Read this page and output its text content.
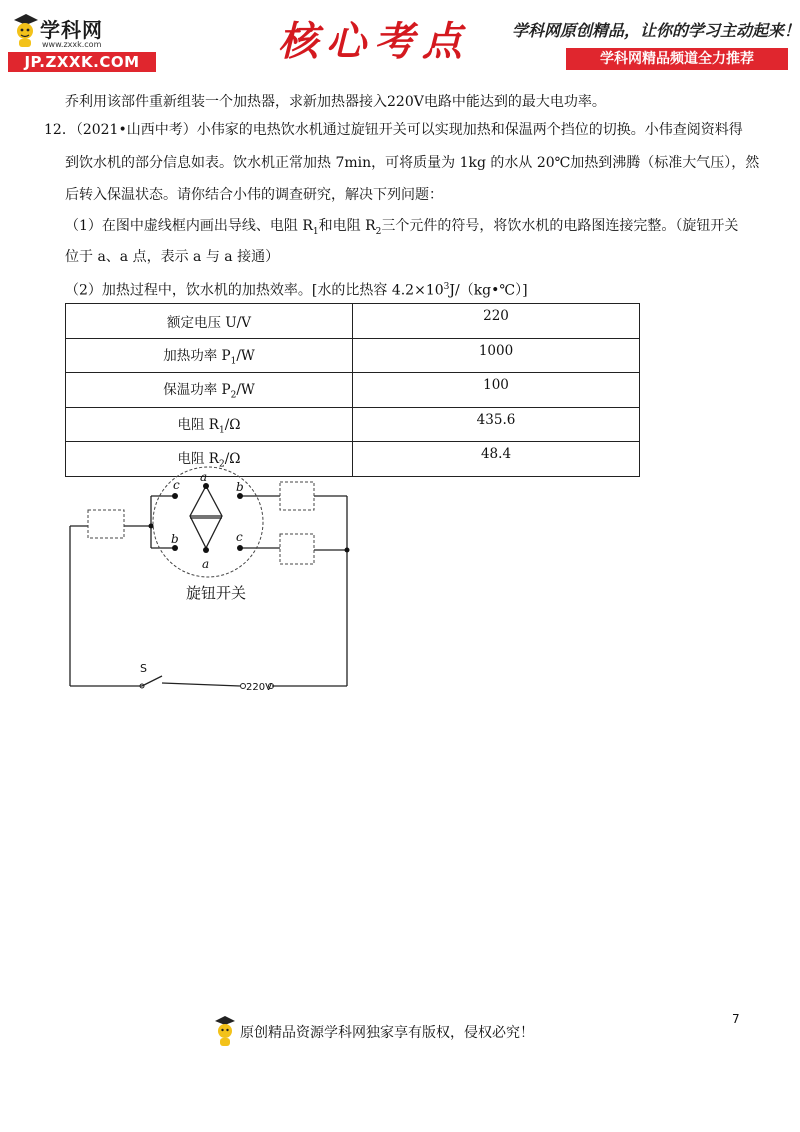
学科网
www.zxxk.com
JP.ZXXK.COM	核心考点	学科网原创精品，让你的学习主动起来！
学科网精品频道全力推荐
乔利用该部件重新组装一个加热器，求新加热器接入220V电路中能达到的最大电功率。
12．（2021•山西中考）小伟家的电热饮水机通过旋钮开关可以实现加热和保温两个挡位的切换。小伟查阅资料得
到饮水机的部分信息如表。饮水机正常加热 7min，可将质量为 1kg 的水从 20℃加热到沸腾（标准大气压），然
后转入保温状态。请你结合小伟的调查研究，解决下列问题：
（1）在图中虚线框内画出导线、电阻 $R_1$和电阻 $R_2$三个元件的符号，将饮水机的电路图连接完整。（旋钮开关
位于 a、a 点，表示 a 与 a 接通）
（2）加热过程中，饮水机的加热效率。[水的比热容 $4.2\times 10^3J/(kg•℃)$]
额定电压 U/V	220
加热功率 $P_1/W$	1000
保温功率 $P_2/W$	100
电阻 $R_1/\Omega$	435.6
电阻 $R_2/\Omega$	48.4
a
a
c
b
b
c
S
220V
旋钮开关
原创精品资源学科网独家享有版权，侵权必究！
7
